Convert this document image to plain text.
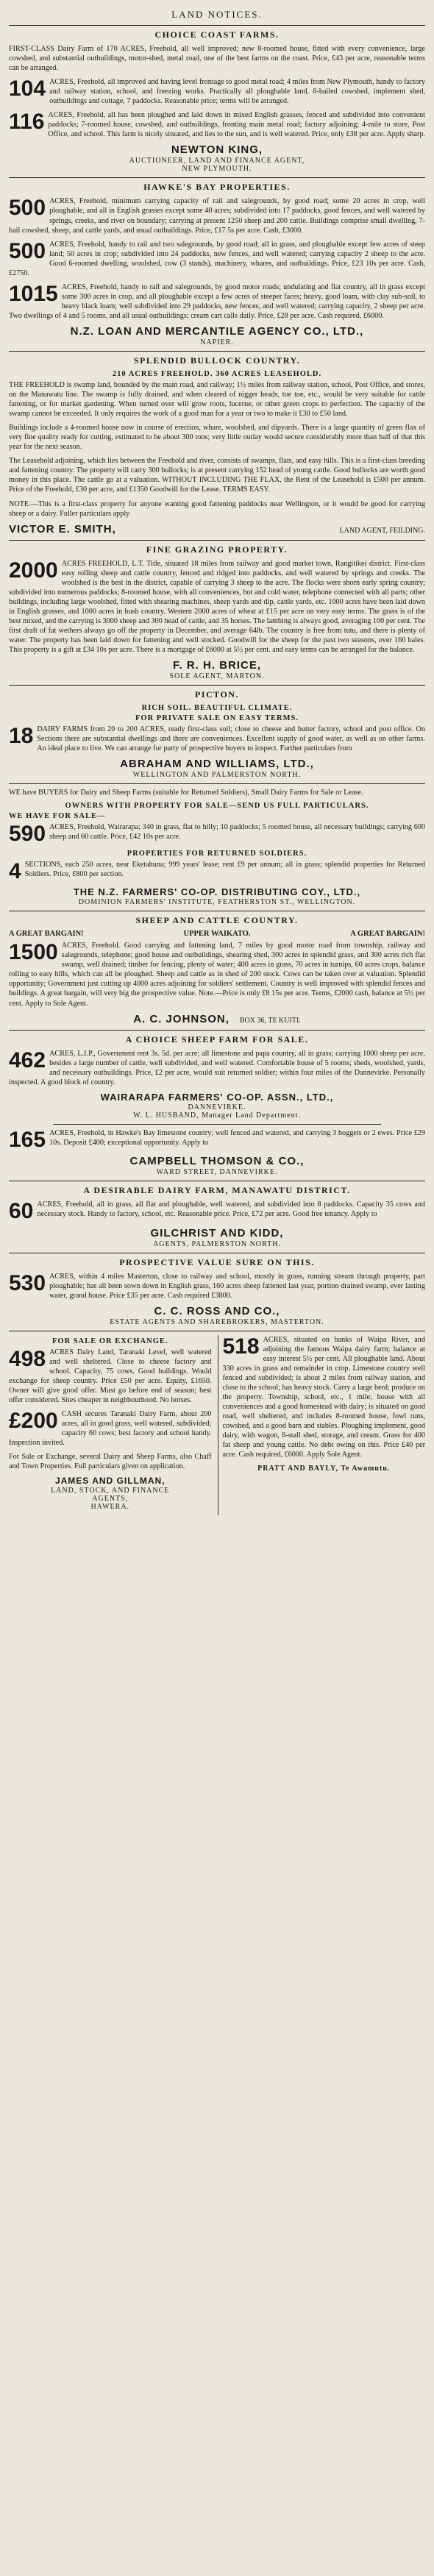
LAND NOTICES.
CHOICE COAST FARMS.

FIRST-CLASS Dairy Farm of 170 ACRES, Freehold, all well improved; new 8-roomed house, fitted with every convenience, large cowshed, and substantial outbuildings, motor-shed, metal road, one of the best farms on the coast. Price, £43 per acre, reasonable terms can be arranged.

104 ACRES, Freehold, all improved and having level frontage to good metal road; 4 miles from New Plymouth, handy to factory and railway station, school, and freezing works. Practically all ploughable land, 8-bailed cowshed, implement shed, outbuildings and cottage, 7 paddocks. Reasonable price; terms will be arranged.

116 ACRES, Freehold, all has been ploughed and laid down in mixed English grasses, fenced and subdivided into convenient paddocks; 7-roomed house, cowshed, and outbuildings, fronting main metal road; factory adjoining; 4-mile to store, Post Office, and school. This farm is nicely situated, and lies to the sun, and is well watered. Price, only £38 per acre. Apply sharp.

NEWTON KING,
AUCTIONEER, LAND AND FINANCE AGENT,
NEW PLYMOUTH.
HAWKE'S BAY PROPERTIES.

500 ACRES, Freehold, minimum carrying capacity of rail and salegrounds, by good road; some 20 acres in crop, well ploughable, and all in English grasses except some 40 acres; subdivided into 17 paddocks, good fences, and well watered by springs, creeks, and river on boundary; carrying at present 1250 sheep and 200 cattle. Buildings comprise small dwelling, 7-bail cowshed, sheep, and cattle yards, and usual outbuildings. Price, £17 5s per acre. Cash, £3000.

500 ACRES, Freehold, handy to rail and two salegrounds, by good road; all in grass, and ploughable except few acres of steep land; 50 acres in crop; subdivided into 24 paddocks, new fences, and well watered; carrying capacity 2 sheep to the acre. Good 6-roomed dwelling, woolshed, cow (3 stands), machinery, whares, and outbuildings. Price, £23 10s per acre. Cash, £2750.

1015 ACRES, Freehold, handy to rail and salegrounds, by good motor roads; undulating and flat country, all in grass except some 300 acres in crop, and all ploughable except a few acres of steeper faces; heavy, good loam, with clay sub-soil, to heavy black loam; well subdivided into 29 paddocks, new fences, and well watered; carrying capacity, 2 sheep per acre. Two dwellings of 4 and 5 rooms, and all usual outbuildings; cream cart calls daily. Price, £28 per acre. Cash required, £6000.

N.Z. LOAN AND MERCANTILE AGENCY CO., LTD.,
NAPIER.
SPLENDID BULLOCK COUNTRY.
210 ACRES FREEHOLD. 360 ACRES LEASEHOLD.

THE FREEHOLD is swamp land, bounded by the main road, and railway; 1½ miles from railway station, school, Post Office, and stores, on the Manawatu line. The swamp is fully drained, and when cleared of nigger heads, toe toe, etc., would be very suitable for cattle fattening, or for market gardening. When turned over will grow roots, lucerne, or other green crops to perfection. The capacity of the swamp cannot be exceeded. It only requires the work of a good man for a year or two to make it £30 to £50 land.

Buildings include a 4-roomed house now in course of erection, whare, woolshed, and dipyards. There is a large quantity of green flax of very fine quality ready for cutting, estimated to be about 300 tons; very little outlay would secure considerably more than half of that this year for the next season.

The Leasehold adjoining, which lies between the Freehold and river, consists of swamps, flats, and easy hills. This is a first-class breeding and fattening country. The property will carry 300 bullocks; is at present carrying 152 head of young cattle. Good bullocks are worth good money in this place. The cattle go at a valuation. WITHOUT INCLUDING THE FLAX, the Rent of the Leasehold is £500 per annum. Price of the Freehold, £30 per acre, and £1350 Goodwill for the Lease. TERMS EASY.

NOTE.—This is a first-class property for anyone wanting good fattening paddocks near Wellington, or it would be good for carrying sheep or a dairy. Fuller particulars apply

VICTOR E. SMITH,	LAND AGENT, FEILDING.
FINE GRAZING PROPERTY.

2000 ACRES FREEHOLD, L.T. Title, situated 18 miles from railway and good market town, Rangitikei district. First-class easy rolling sheep and cattle country, fenced and ridged into paddocks, and well watered by springs and creeks. The woolshed is the best in the district, capable of carrying 3 sheep to the acre. The flocks were shorn early spring country; subdivided into numerous paddocks; 8-roomed house, with all conveniences, hot and cold water, telephone connected with all parts; other buildings, including large woolshed, fitted with shearing machines, sheep yards and dip, cattle yards, etc. 1000 acres have been laid down in English grasses, and 1000 acres in bush country. Western 2000 acres of wheat at £15 per acre on very easy terms. The grass is of the best mixed, and the carrying is 3000 sheep and 300 head of cattle, and 35 horses. The lambing is always good, averaging 100 per cent. The first draft of fat wethers always go off the property in December, and average 64lb. The country is free from tutu, and there is plenty of water. The property has been laid down for fattening and well stocked. Goodwill for the sheep for the past two seasons, over 160 bales. This property is a gift at £34 10s per acre. There is a mortgage of £6000 at 5½ per cent. and easy terms can be arranged for the balance.

F. R. H. BRICE,
SOLE AGENT, MARTON.
PICTON.
RICH SOIL. BEAUTIFUL CLIMATE.
FOR PRIVATE SALE ON EASY TERMS.

18 DAIRY FARMS from 20 to 200 ACRES, ready first-class soil; close to cheese and butter factory, school and post office. On Sections there are substantial dwellings and there are conveniences. Excellent supply of good water, as well as on other farms. An ideal place to live. We can arrange for party of prospective buyers to inspect. Further particulars from

ABRAHAM AND WILLIAMS, LTD.,
WELLINGTON AND PALMERSTON NORTH.

WE have BUYERS for Dairy and Sheep Farms (suitable for Returned Soldiers), Small Dairy Farms for Sale or Lease.

OWNERS WITH PROPERTY FOR SALE—SEND US FULL PARTICULARS.
WE HAVE FOR SALE—

590 ACRES, Freehold, Wairarapa; 340 in grass, flat to hilly; 10 paddocks; 5 roomed house, all necessary buildings; carrying 600 sheep and 60 cattle. Price, £42 10s per acre.

PROPERTIES FOR RETURNED SOLDIERS.

4 SECTIONS, each 250 acres, near Eketahuna; 999 years' lease; rent £9 per annum; all in grass; splendid properties for Returned Soldiers. Price, £800 per section.

THE N.Z. FARMERS' CO-OP. DISTRIBUTING COY., LTD.,
DOMINION FARMERS' INSTITUTE, FEATHERSTON ST., WELLINGTON.
SHEEP AND CATTLE COUNTRY.
A GREAT BARGAIN!	UPPER WAIKATO.	A GREAT BARGAIN!

1500 ACRES, Freehold. Good carrying and fattening land, 7 miles by good motor road from township, railway and salegrounds, telephone; good house and outbuildings, shearing shed, 300 acres in splendid grass, and 300 acres rich flat swamp, well drained; timber for fencing, plenty of water; 400 acres in grass, 70 acres in turnips, 60 acres crops, balance rolling to easy hills, which can all be ploughed. Sheep and cattle as in shed of 200 stock. Cows can be taken over at valuation. Splendid opportunity; Government just cutting up 4000 acres adjoining for soldiers' settlement. Country is well improved with splendid fences and buildings. A great bargain, will very big the prospective value. Note.—Price is only £8 15s per acre. Terms, £2000 cash, balance at 5½ per cent. Apply to Sole Agent.

A. C. JOHNSON, BOX 36, TE KUITI.
A CHOICE SHEEP FARM FOR SALE.

462 ACRES, L.I.P., Government rent 3s. 5d. per acre; all limestone and papa country, all in grass; carrying 1000 sheep per acre, besides a large number of cattle, well subdivided, and well watered. Comfortable house of 5 rooms; sheds, woolshed, yards, and necessary outbuildings. Price, £2 per acre, would suit returned soldier; within four miles of the Dannevirke. Personally inspected. A good block of country.

WAIRARAPA FARMERS' CO-OP. ASSN., LTD.,
DANNEVIRKE.
W. L. HUSBAND, Manager Land Department.

165 ACRES, Freehold, in Hawke's Bay limestone country; well fenced and watered, and carrying 3 hoggets or 2 ewes. Price £29 10s. Deposit £400; exceptional opportunity. Apply to

CAMPBELL THOMSON & CO.,
WARD STREET, DANNEVIRKE.
A DESIRABLE DAIRY FARM, MANAWATU DISTRICT.

60 ACRES, Freehold, all in grass, all flat and ploughable, well watered, and subdivided into 8 paddocks. Capacity 35 cows and necessary stock. Handy to factory, school, etc. Reasonable price. Price, £72 per acre. Good free tenancy. Apply to

GILCHRIST AND KIDD,
AGENTS, PALMERSTON NORTH.
PROSPECTIVE VALUE SURE ON THIS.

530 ACRES, within 4 miles Masterton, close to railway and school, mostly in grass, running stream through property, part ploughable; has all been sown down in English grass, 160 acres sheep fattened last year, portion drained swamp, ever lasting water, grand house. Price £35 per acre. Cash required £3800.

C. C. ROSS AND CO.,
ESTATE AGENTS AND SHAREBROKERS, MASTERTON.
FOR SALE OR EXCHANGE.

498 ACRES Dairy Land, Taranaki Level, well watered and well sheltered. Close to cheese factory and school. Capacity, 75 cows. Good buildings. Would exchange for sheep country. Price £50 per acre. Equity, £1650. Owner will give good offer. Must go before end of season; best offer considered. Sites cheaper in neighbourhood. No horses.

£200 CASH secures Taranaki Dairy Farm, about 200 acres, all in good grass, well watered, subdivided; capacity 60 cows; best factory and school handy. Inspection invited.

For Sale or Exchange, several Dairy and Sheep Farms, also Chaff and Town Properties. Full particulars given on application.

JAMES AND GILLMAN,
LAND, STOCK, AND FINANCE
AGENTS,
HAWERA.

518 ACRES, situated on banks of Waipa River, and adjoining the famous Waipa dairy farm; balance at easy interest 5½ per cent. All ploughable land. About 330 acres in grass and remainder in crop. Limestone country well fenced and subdivided; is about 2 miles from railway station, and close to the school; has heavy stock. Carry a large herd; produce on the property. Township, school, etc., 1 mile; house with all conveniences and a good homestead with dairy; is situated on good road, well sheltered, and includes 8-roomed house, fowl runs, cowshed, and a good barn and stables. Ploughing implement, good dairy, with wagon, 8-stall shed, storage, and cream. Grass for 400 fat sheep and young cattle. No debt owing on this. Price £40 per acre. Cash required, £6000. Apply Sole Agent.

PRATT AND BAYLY, Te Awamutu.
